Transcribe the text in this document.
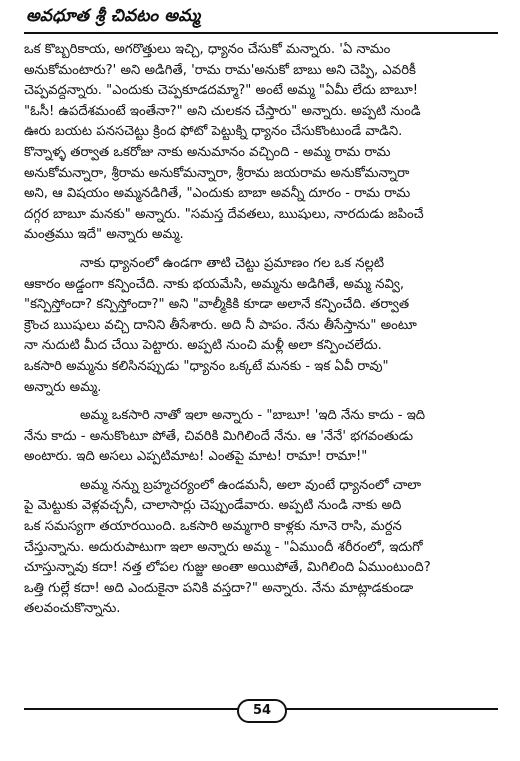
అవధూత శ్రీ చివటం అమ్మ

ఒక కొబ్బరికాయ, అగరొత్తులు ఇచ్చి, ధ్యానం చేసుకో మన్నారు. 'ఏ నామం
అనుకోమంటారు?' అని అడిగితే, 'రామ రామ'అనుకో బాబు అని చెప్పి, ఎవరికీ
చెప్పవద్దన్నారు. "ఎందుకు చెప్పకూడదమ్మా?" అంటే అమ్మ "ఏమీ లేదు బాబూ!
"ఓసీ! ఉపదేశమంటే ఇంతేనా?" అని చులకన చేస్తారు" అన్నారు. అప్పటి నుండి
ఊరు బయట పనసచెట్టు క్రింద ఫోటో పెట్టుక్ని ధ్యానం చేసుకొంటుండే వాడిని.
కొన్నాళ్ళ తర్వాత ఒకరోజు నాకు అనుమానం వచ్చింది - అమ్మ రామ రామ
అనుకోమన్నారా, శ్రీరామ అనుకోమన్నారా, శ్రీరామ జయరామ అనుకోమన్నారా
అని, ఆ విషయం అమ్మనడిగితే, "ఎందుకు బాబా అవన్నీ దూరం - రామ రామ
దగ్గర బాబూ మనకు" అన్నారు. "సమస్త దేవతలు, ఋషులు, నారదుడు జపించే
మంత్రము ఇదే" అన్నారు అమ్మ.

నాకు ధ్యానంలో ఉండగా తాటి చెట్టు ప్రమాణం గల ఒక నల్లటి
ఆకారం అడ్డంగా కన్పించేది. నాకు భయమేసి, అమ్మను అడిగితే, అమ్మ నవ్వి,
"కన్పిస్తోందా? కన్పిస్తోందా?" అని "వాల్మీకికి కూడా అలానే కన్పించేది. తర్వాత
క్రౌంచ ఋషులు వచ్చి దానిని తీసేశారు. అది నీ పాపం. నేను తీసేస్తాను" అంటూ
నా నుదుటి మీద చేయి పెట్టారు. అప్పటి నుంచి మళ్లీ అలా కన్పించలేదు.
ఒకసారి అమ్మను కలిసినప్పుడు "ధ్యానం ఒక్కటే మనకు - ఇక ఏవీ రావు"
అన్నారు అమ్మ.

అమ్మ ఒకసారి నాతో ఇలా అన్నారు - "బాబూ! 'ఇది నేను కాదు - ఇది
నేను కాదు - అనుకొంటూ పోతే, చివరికి మిగిలిందే నేను. ఆ 'నేనే' భగవంతుడు
అంటారు. ఇది అసలు ఎప్పటిమాట! ఎంతపై మాట! రామా! రామా!"

అమ్మ నన్ను బ్రహ్మచర్యంలో ఉండమనీ, అలా వుంటే ధ్యానంలో చాలా
పై మెట్టుకు వెళ్లవచ్చనీ, చాలాసార్లు చెప్పుండేవారు. అప్పటి నుండి నాకు అది
ఒక సమస్యగా తయారయింది. ఒకసారి అమ్మగారి కాళ్లకు నూనె రాసి, మర్దన
చేస్తున్నాను. అదురుపాటుగా ఇలా అన్నారు అమ్మ - "ఏముందీ శరీరంలో, ఇదుగో
చూస్తున్నావు కదా! నత్త లోపల గుజ్జు అంతా అయిపోతే, మిగిలింది ఏముంటుంది?
ఒత్తి గుల్లే కదా! అది ఎందుకైనా పనికి వస్తదా?" అన్నారు. నేను మాట్లాడకుండా
తలవంచుకొన్నాను.

54
